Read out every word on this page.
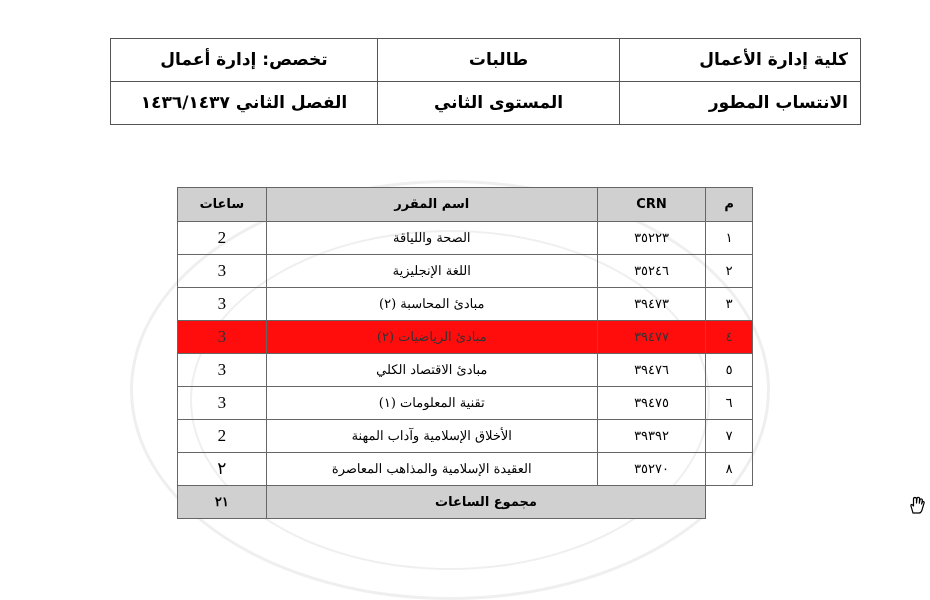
كلية إدارة الأعمال	طالبات	تخصص: إدارة أعمال
الانتساب المطور	المستوى الثاني	الفصل الثاني ١٤٣٦/١٤٣٧
م	CRN	اسم المقرر	ساعات
١	٣٥٢٢٣	الصحة واللياقة	2
٢	٣٥٢٤٦	اللغة الإنجليزية	3
٣	٣٩٤٧٣	مبادئ المحاسبة (٢)	3
٤	٣٩٤٧٧	مبادئ الرياضيات (٢)	3
٥	٣٩٤٧٦	مبادئ الاقتصاد الكلي	3
٦	٣٩٤٧٥	تقنية المعلومات (١)	3
٧	٣٩٣٩٢	الأخلاق الإسلامية وآداب المهنة	2
٨	٣٥٢٧٠	العقيدة الإسلامية والمذاهب المعاصرة	٢
	مجموع الساعات		٢١
